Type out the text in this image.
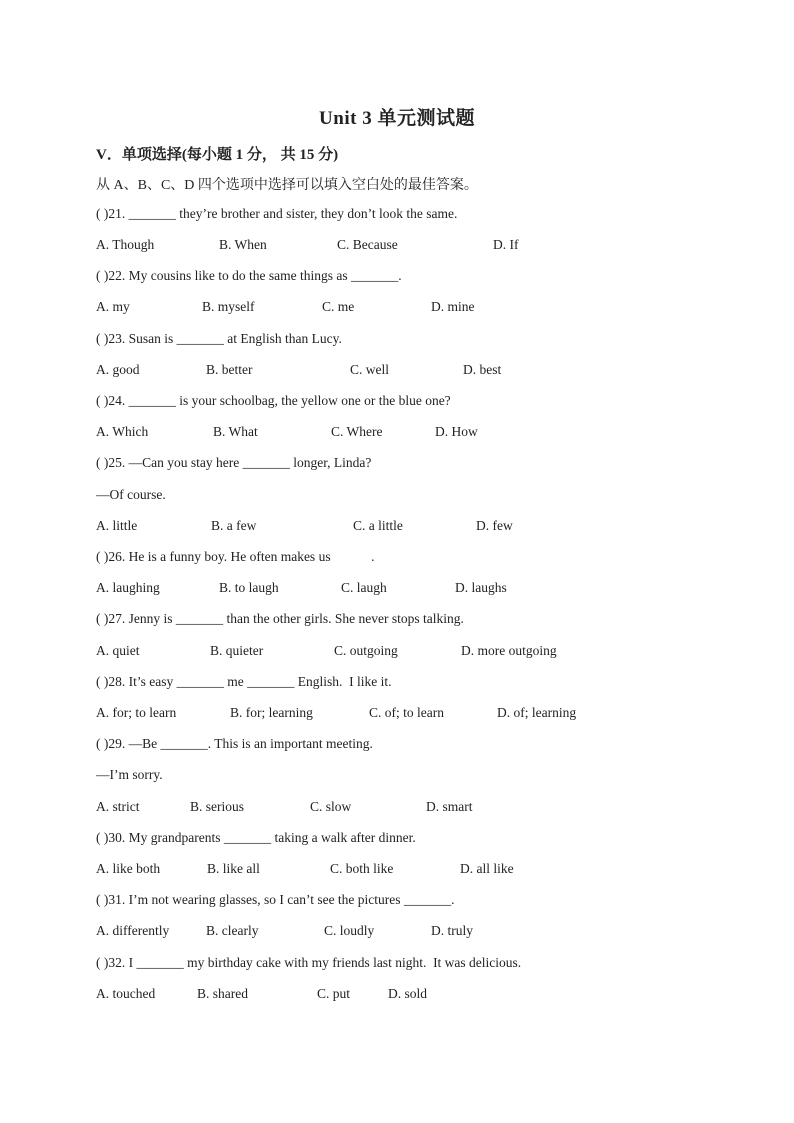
Unit 3 单元测试题
V．单项选择(每小题 1 分， 共 15 分)
从 A、B、C、D 四个选项中选择可以填入空白处的最佳答案。
( )21. _______ they’re brother and sister, they don’t look the same.
A. Though	B. When	C. Because	D. If
( )22. My cousins like to do the same things as _______.
A. my	B. myself	C. me	D. mine
( )23. Susan is _______ at English than Lucy.
A. good	B. better	C. well	D. best
( )24. _______ is your schoolbag, the yellow one or the blue one?
A. Which	B. What	C. Where	D. How
( )25. —Can you stay here _______ longer, Linda?
—Of course.
A. little	B. a few	C. a little	D. few
( )26. He is a funny boy. He often makes us            .
A. laughing	B. to laugh	C. laugh	D. laughs
( )27. Jenny is _______ than the other girls. She never stops talking.
A. quiet	B. quieter	C. outgoing	D. more outgoing
( )28. It’s easy _______ me _______ English.  I like it.
A. for; to learn	B. for; learning	C. of; to learn	D. of; learning
( )29. —Be _______. This is an important meeting.
—I’m sorry.
A. strict	B. serious	C. slow	D. smart
( )30. My grandparents _______ taking a walk after dinner.
A. like both	B. like all	C. both like	D. all like
( )31. I’m not wearing glasses, so I can’t see the pictures _______.
A. differently	B. clearly	C. loudly	D. truly
( )32. I _______ my birthday cake with my friends last night.  It was delicious.
A. touched	B. shared	C. put	D. sold
